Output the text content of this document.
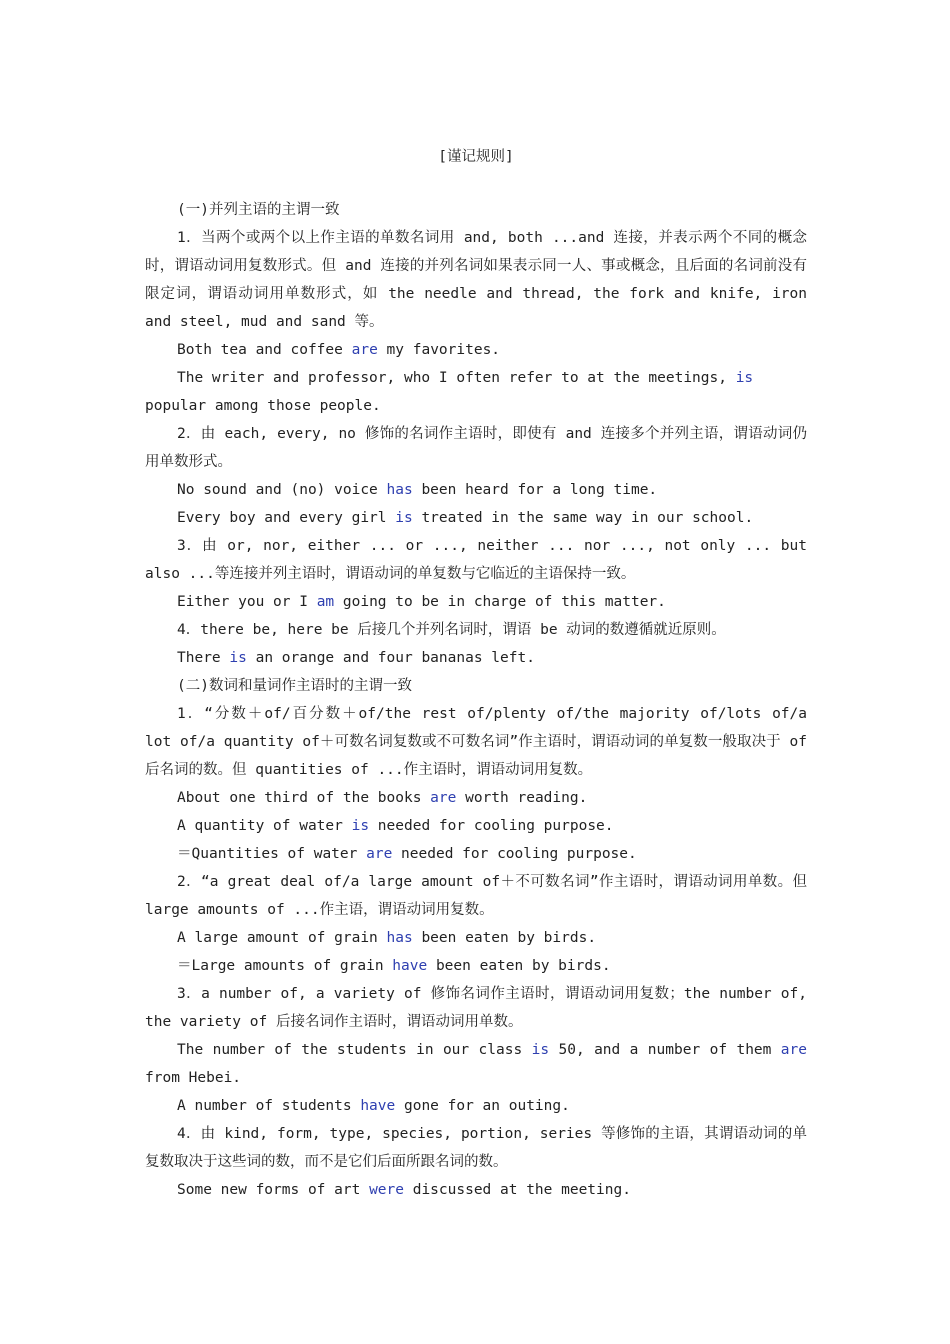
[谨记规则]

(一)并列主语的主谓一致

1．当两个或两个以上作主语的单数名词用 and, both ...and 连接，并表示两个不同的概念时，谓语动词用复数形式。但 and 连接的并列名词如果表示同一人、事或概念，且后面的名词前没有限定词，谓语动词用单数形式，如 the needle and thread, the fork and knife, iron and steel, mud and sand 等。

Both tea and coffee are my favorites.

The writer and professor, who I often refer to at the meetings, is popular among those people.

2．由 each, every, no 修饰的名词作主语时，即使有 and 连接多个并列主语，谓语动词仍用单数形式。

No sound and (no) voice has been heard for a long time.

Every boy and every girl is treated in the same way in our school.

3．由 or, nor, either ... or ..., neither ... nor ..., not only ... but also ...等连接并列主语时，谓语动词的单复数与它临近的主语保持一致。

Either you or I am going to be in charge of this matter.

4．there be, here be 后接几个并列名词时，谓语 be 动词的数遵循就近原则。

There is an orange and four bananas left.

(二)数词和量词作主语时的主谓一致

1．“分数＋of/百分数＋of/the rest of/plenty of/the majority of/lots of/a lot of/a quantity of＋可数名词复数或不可数名词”作主语时，谓语动词的单复数一般取决于 of 后名词的数。但 quantities of ...作主语时，谓语动词用复数。

About one third of the books are worth reading.

A quantity of water is needed for cooling purpose.

＝Quantities of water are needed for cooling purpose.

2．“a great deal of/a large amount of＋不可数名词”作主语时，谓语动词用单数。但 large amounts of ...作主语，谓语动词用复数。

A large amount of grain has been eaten by birds.

＝Large amounts of grain have been eaten by birds.

3．a number of, a variety of 修饰名词作主语时，谓语动词用复数；the number of, the variety of 后接名词作主语时，谓语动词用单数。

The number of the students in our class is 50, and a number of them are from Hebei.

A number of students have gone for an outing.

4．由 kind, form, type, species, portion, series 等修饰的主语，其谓语动词的单复数取决于这些词的数，而不是它们后面所跟名词的数。

Some new forms of art were discussed at the meeting.
